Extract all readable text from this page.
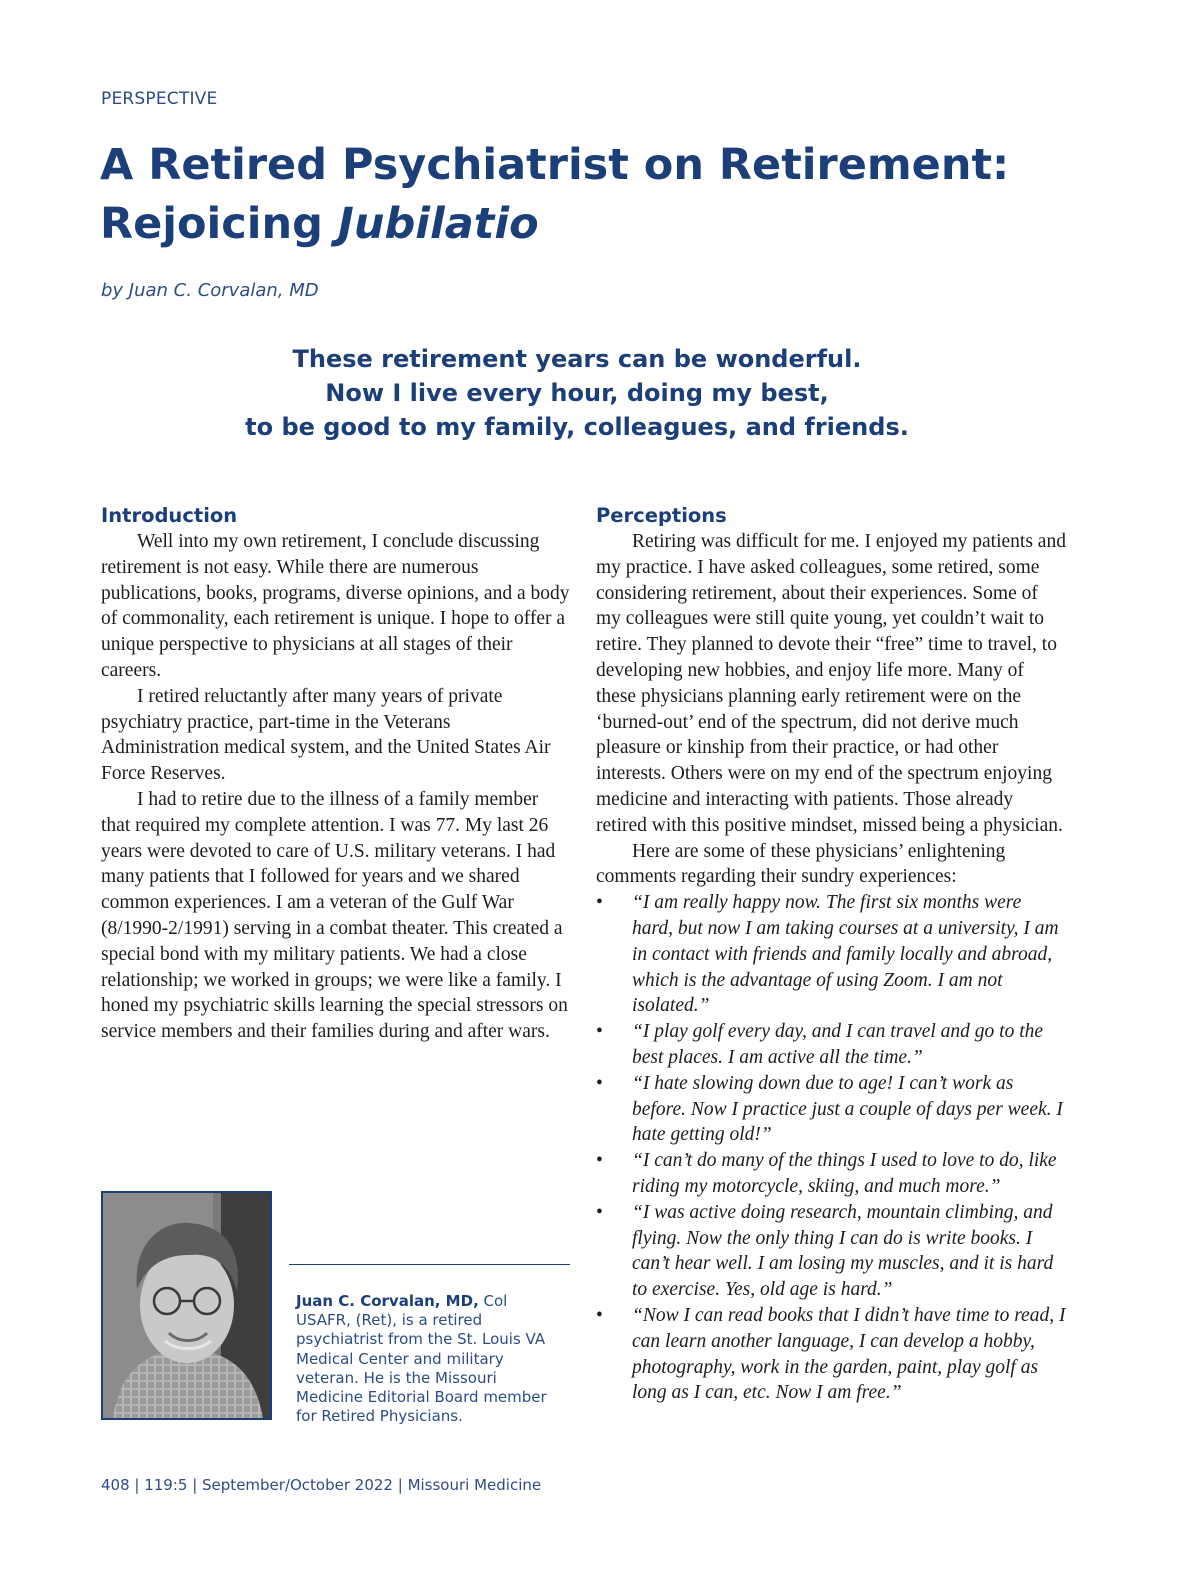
PERSPECTIVE
A Retired Psychiatrist on Retirement:
Rejoicing Jubilatio
by Juan C. Corvalan, MD
These retirement years can be wonderful.
Now I live every hour, doing my best,
to be good to my family, colleagues, and friends.
Introduction

Well into my own retirement, I conclude discussing retirement is not easy. While there are numerous publications, books, programs, diverse opinions, and a body of commonality, each retirement is unique. I hope to offer a unique perspective to physicians at all stages of their careers.

I retired reluctantly after many years of private psychiatry practice, part-time in the Veterans Administration medical system, and the United States Air Force Reserves.

I had to retire due to the illness of a family member that required my complete attention. I was 77. My last 26 years were devoted to care of U.S. military veterans. I had many patients that I followed for years and we shared common experiences. I am a veteran of the Gulf War (8/1990-2/1991) serving in a combat theater. This created a special bond with my military patients. We had a close relationship; we worked in groups; we were like a family. I honed my psychiatric skills learning the special stressors on service members and their families during and after wars.

Perceptions

Retiring was difficult for me. I enjoyed my patients and my practice. I have asked colleagues, some retired, some considering retirement, about their experiences. Some of my colleagues were still quite young, yet couldn’t wait to retire. They planned to devote their “free” time to travel, to developing new hobbies, and enjoy life more. Many of these physicians planning early retirement were on the ‘burned-out’ end of the spectrum, did not derive much pleasure or kinship from their practice, or had other interests. Others were on my end of the spectrum enjoying medicine and interacting with patients. Those already retired with this positive mindset, missed being a physician.

Here are some of these physicians’ enlightening comments regarding their sundry experiences:

• “I am really happy now. The first six months were hard, but now I am taking courses at a university, I am in contact with friends and family locally and abroad, which is the advantage of using Zoom. I am not isolated.”
• “I play golf every day, and I can travel and go to the best places. I am active all the time.”
• “I hate slowing down due to age! I can’t work as before. Now I practice just a couple of days per week. I hate getting old!”
• “I can’t do many of the things I used to love to do, like riding my motorcycle, skiing, and much more.”
• “I was active doing research, mountain climbing, and flying. Now the only thing I can do is write books. I can’t hear well. I am losing my muscles, and it is hard to exercise. Yes, old age is hard.”
• “Now I can read books that I didn’t have time to read, I can learn another language, I can develop a hobby, photography, work in the garden, paint, play golf as long as I can, etc. Now I am free.”
Juan C. Corvalan, MD, Col USAFR, (Ret), is a retired psychiatrist from the St. Louis VA Medical Center and military veteran. He is the Missouri Medicine Editorial Board member for Retired Physicians.
408 | 119:5 | September/October 2022 | Missouri Medicine
